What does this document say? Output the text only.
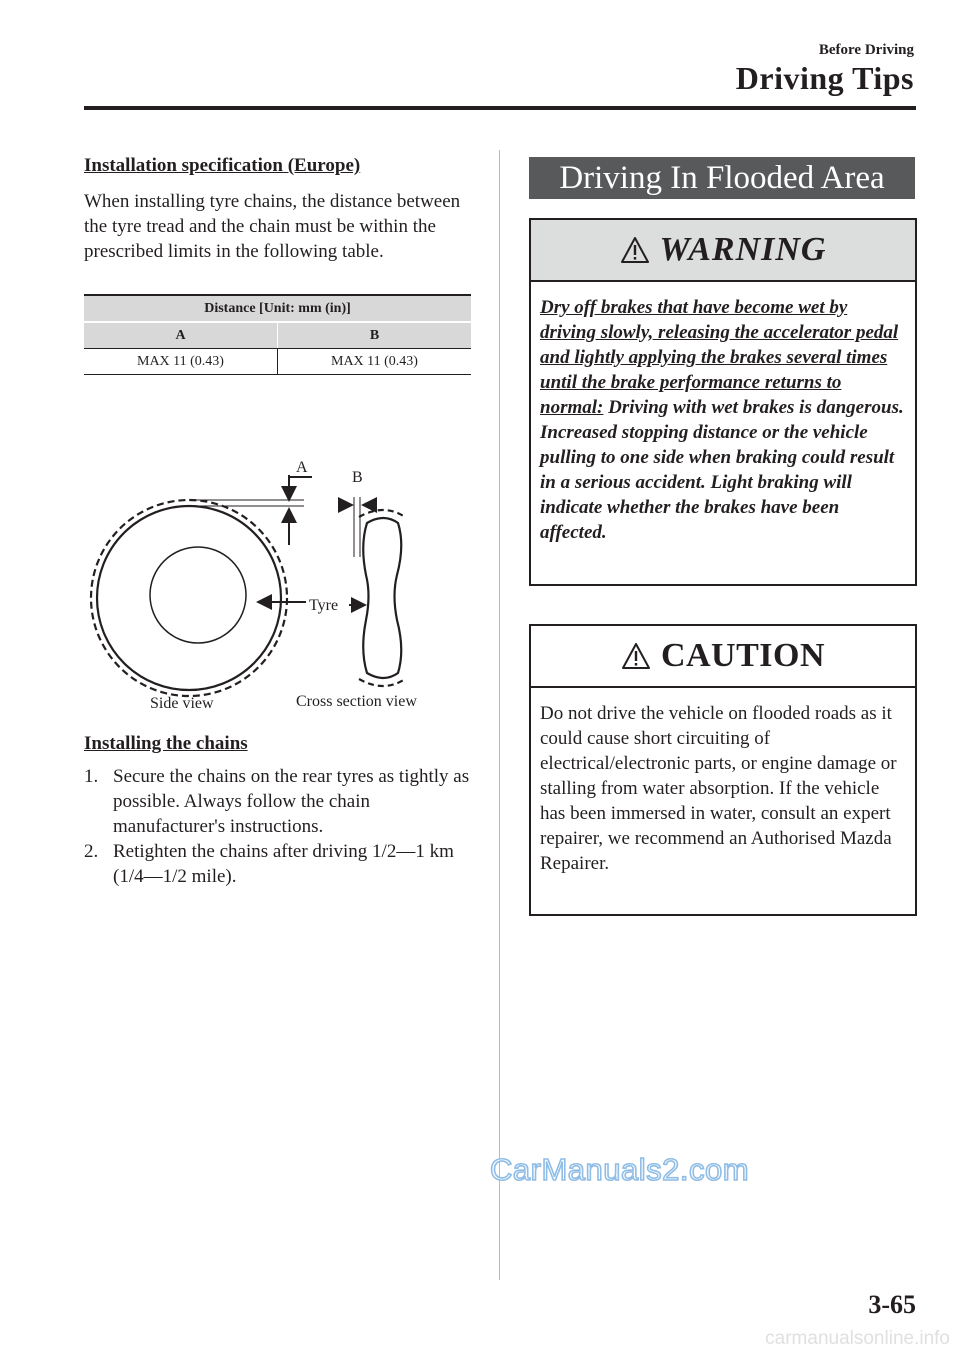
Before Driving
Driving Tips

Installation specification (Europe)

When installing tyre chains, the distance between the tyre tread and the chain must be within the prescribed limits in the following table.

Distance [Unit: mm (in)]	
A	B
MAX 11 (0.43)	MAX 11 (0.43)
A
B
Tyre
Side view	Cross section view

Installing the chains

1. Secure the chains on the rear tyres as tightly as possible. Always follow the chain manufacturer's instructions.
2. Retighten the chains after driving 1/2—1 km (1/4—1/2 mile).
Driving In Flooded Area
WARNING
Dry off brakes that have become wet by driving slowly, releasing the accelerator pedal and lightly applying the brakes several times until the brake performance returns to normal: Driving with wet brakes is dangerous. Increased stopping distance or the vehicle pulling to one side when braking could result in a serious accident. Light braking will indicate whether the brakes have been affected.
CAUTION
Do not drive the vehicle on flooded roads as it could cause short circuiting of electrical/electronic parts, or engine damage or stalling from water absorption. If the vehicle has been immersed in water, consult an expert repairer, we recommend an Authorised Mazda Repairer.
CarManuals2.com
3-65
carmanualsonline.info
